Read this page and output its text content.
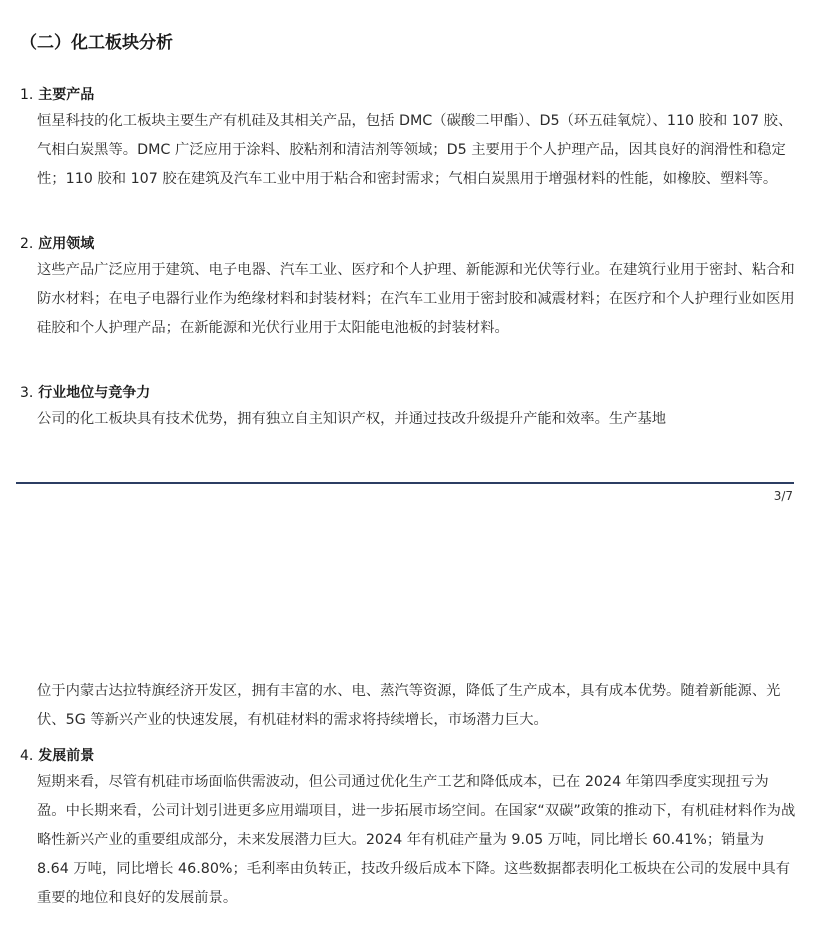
（二）化工板块分析
1. 主要产品

恒星科技的化工板块主要生产有机硅及其相关产品，包括 DMC（碳酸二甲酯）、D5（环五硅氧烷）、110 胶和 107 胶、气相白炭黑等。DMC 广泛应用于涂料、胶粘剂和清洁剂等领域；D5 主要用于个人护理产品，因其良好的润滑性和稳定性；110 胶和 107 胶在建筑及汽车工业中用于粘合和密封需求；气相白炭黑用于增强材料的性能，如橡胶、塑料等。

2. 应用领域

这些产品广泛应用于建筑、电子电器、汽车工业、医疗和个人护理、新能源和光伏等行业。在建筑行业用于密封、粘合和防水材料；在电子电器行业作为绝缘材料和封装材料；在汽车工业用于密封胶和减震材料；在医疗和个人护理行业如医用硅胶和个人护理产品；在新能源和光伏行业用于太阳能电池板的封装材料。

3. 行业地位与竞争力

公司的化工板块具有技术优势，拥有独立自主知识产权，并通过技改升级提升产能和效率。生产基地

3/7

位于内蒙古达拉特旗经济开发区，拥有丰富的水、电、蒸汽等资源，降低了生产成本，具有成本优势。随着新能源、光伏、5G 等新兴产业的快速发展，有机硅材料的需求将持续增长，市场潜力巨大。

4. 发展前景

短期来看，尽管有机硅市场面临供需波动，但公司通过优化生产工艺和降低成本，已在 2024 年第四季度实现扭亏为盈。中长期来看，公司计划引进更多应用端项目，进一步拓展市场空间。在国家“双碳”政策的推动下，有机硅材料作为战略性新兴产业的重要组成部分，未来发展潜力巨大。2024 年有机硅产量为 9.05 万吨，同比增长 60.41%；销量为 8.64 万吨，同比增长 46.80%；毛利率由负转正，技改升级后成本下降。这些数据都表明化工板块在公司的发展中具有重要的地位和良好的发展前景。
